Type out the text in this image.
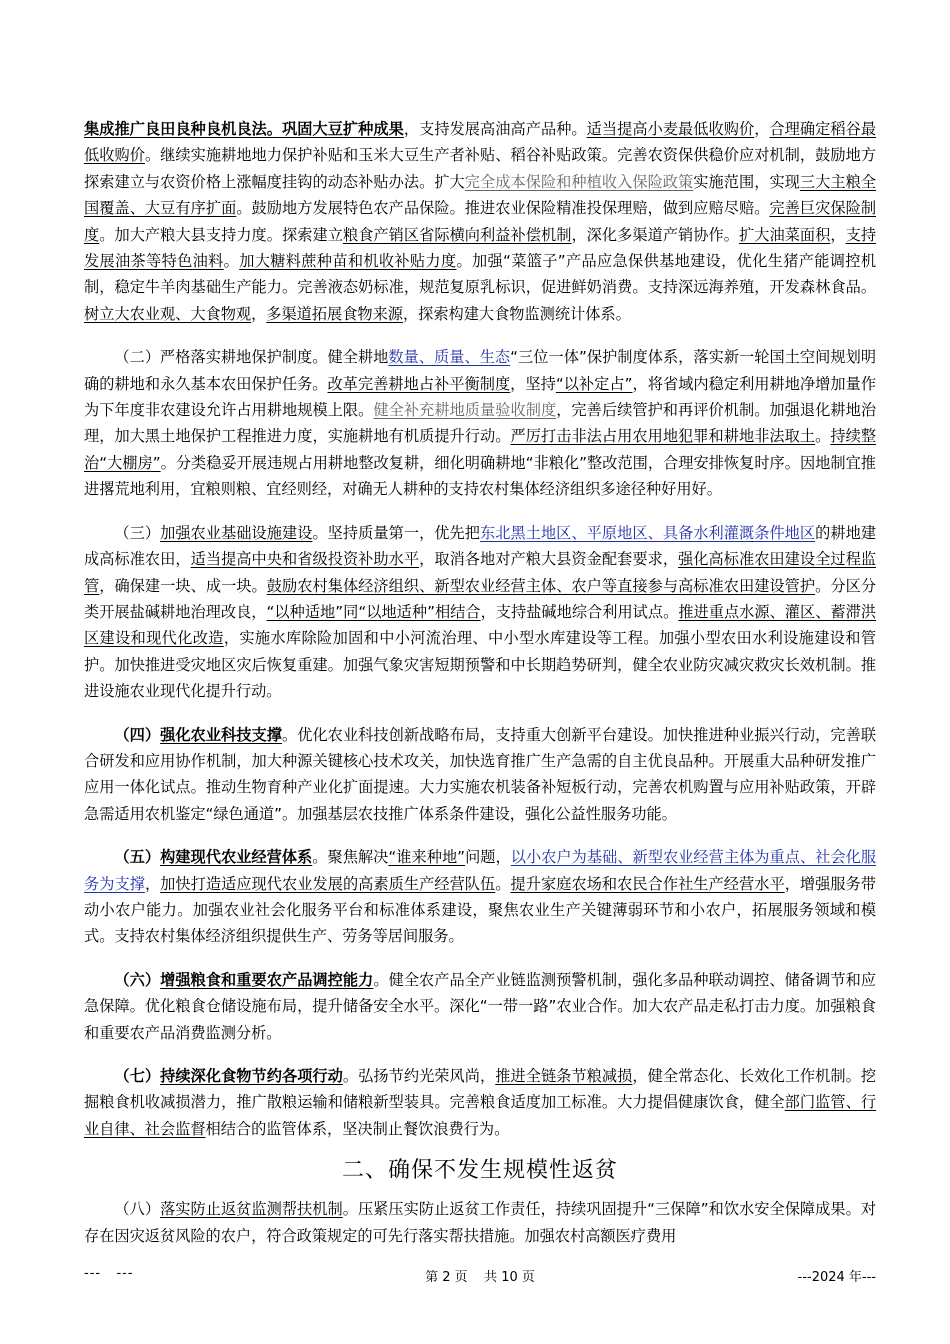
集成推广良田良种良机良法。巩固大豆扩种成果，支持发展高油高产品种。适当提高小麦最低收购价，合理确定稻谷最低收购价。继续实施耕地地力保护补贴和玉米大豆生产者补贴、稻谷补贴政策。完善农资保供稳价应对机制，鼓励地方探索建立与农资价格上涨幅度挂钩的动态补贴办法。扩大完全成本保险和种植收入保险政策实施范围，实现三大主粮全国覆盖、大豆有序扩面。鼓励地方发展特色农产品保险。推进农业保险精准投保理赔，做到应赔尽赔。完善巨灾保险制度。加大产粮大县支持力度。探索建立粮食产销区省际横向利益补偿机制，深化多渠道产销协作。扩大油菜面积，支持发展油茶等特色油料。加大糖料蔗种苗和机收补贴力度。加强“菜篮子”产品应急保供基地建设，优化生猪产能调控机制，稳定牛羊肉基础生产能力。完善液态奶标准，规范复原乳标识，促进鲜奶消费。支持深远海养殖，开发森林食品。树立大农业观、大食物观，多渠道拓展食物来源，探索构建大食物监测统计体系。

（二）严格落实耕地保护制度。健全耕地数量、质量、生态“三位一体”保护制度体系，落实新一轮国土空间规划明确的耕地和永久基本农田保护任务。改革完善耕地占补平衡制度，坚持“以补定占”，将省域内稳定利用耕地净增加量作为下年度非农建设允许占用耕地规模上限。健全补充耕地质量验收制度，完善后续管护和再评价机制。加强退化耕地治理，加大黑土地保护工程推进力度，实施耕地有机质提升行动。严厉打击非法占用农用地犯罪和耕地非法取土。持续整治“大棚房”。分类稳妥开展违规占用耕地整改复耕，细化明确耕地“非粮化”整改范围，合理安排恢复时序。因地制宜推进撂荒地利用，宜粮则粮、宜经则经，对确无人耕种的支持农村集体经济组织多途径种好用好。

（三）加强农业基础设施建设。坚持质量第一，优先把东北黑土地区、平原地区、具备水利灌溉条件地区的耕地建成高标准农田，适当提高中央和省级投资补助水平，取消各地对产粮大县资金配套要求，强化高标准农田建设全过程监管，确保建一块、成一块。鼓励农村集体经济组织、新型农业经营主体、农户等直接参与高标准农田建设管护。分区分类开展盐碱耕地治理改良，“以种适地”同“以地适种”相结合，支持盐碱地综合利用试点。推进重点水源、灌区、蓄滞洪区建设和现代化改造，实施水库除险加固和中小河流治理、中小型水库建设等工程。加强小型农田水利设施建设和管护。加快推进受灾地区灾后恢复重建。加强气象灾害短期预警和中长期趋势研判，健全农业防灾减灾救灾长效机制。推进设施农业现代化提升行动。

（四）强化农业科技支撑。优化农业科技创新战略布局，支持重大创新平台建设。加快推进种业振兴行动，完善联合研发和应用协作机制，加大种源关键核心技术攻关，加快选育推广生产急需的自主优良品种。开展重大品种研发推广应用一体化试点。推动生物育种产业化扩面提速。大力实施农机装备补短板行动，完善农机购置与应用补贴政策，开辟急需适用农机鉴定“绿色通道”。加强基层农技推广体系条件建设，强化公益性服务功能。

（五）构建现代农业经营体系。聚焦解决“谁来种地”问题，以小农户为基础、新型农业经营主体为重点、社会化服务为支撑，加快打造适应现代农业发展的高素质生产经营队伍。提升家庭农场和农民合作社生产经营水平，增强服务带动小农户能力。加强农业社会化服务平台和标准体系建设，聚焦农业生产关键薄弱环节和小农户，拓展服务领域和模式。支持农村集体经济组织提供生产、劳务等居间服务。

（六）增强粮食和重要农产品调控能力。健全农产品全产业链监测预警机制，强化多品种联动调控、储备调节和应急保障。优化粮食仓储设施布局，提升储备安全水平。深化“一带一路”农业合作。加大农产品走私打击力度。加强粮食和重要农产品消费监测分析。

（七）持续深化食物节约各项行动。弘扬节约光荣风尚，推进全链条节粮减损，健全常态化、长效化工作机制。挖掘粮食机收减损潜力，推广散粮运输和储粮新型装具。完善粮食适度加工标准。大力提倡健康饮食，健全部门监管、行业自律、社会监督相结合的监管体系，坚决制止餐饮浪费行为。

二、确保不发生规模性返贫

（八）落实防止返贫监测帮扶机制。压紧压实防止返贫工作责任，持续巩固提升“三保障”和饮水安全保障成果。对存在因灾返贫风险的农户，符合政策规定的可先行落实帮扶措施。加强农村高额医疗费用

---   ---	第 2 页    共 10 页	---2024 年---
